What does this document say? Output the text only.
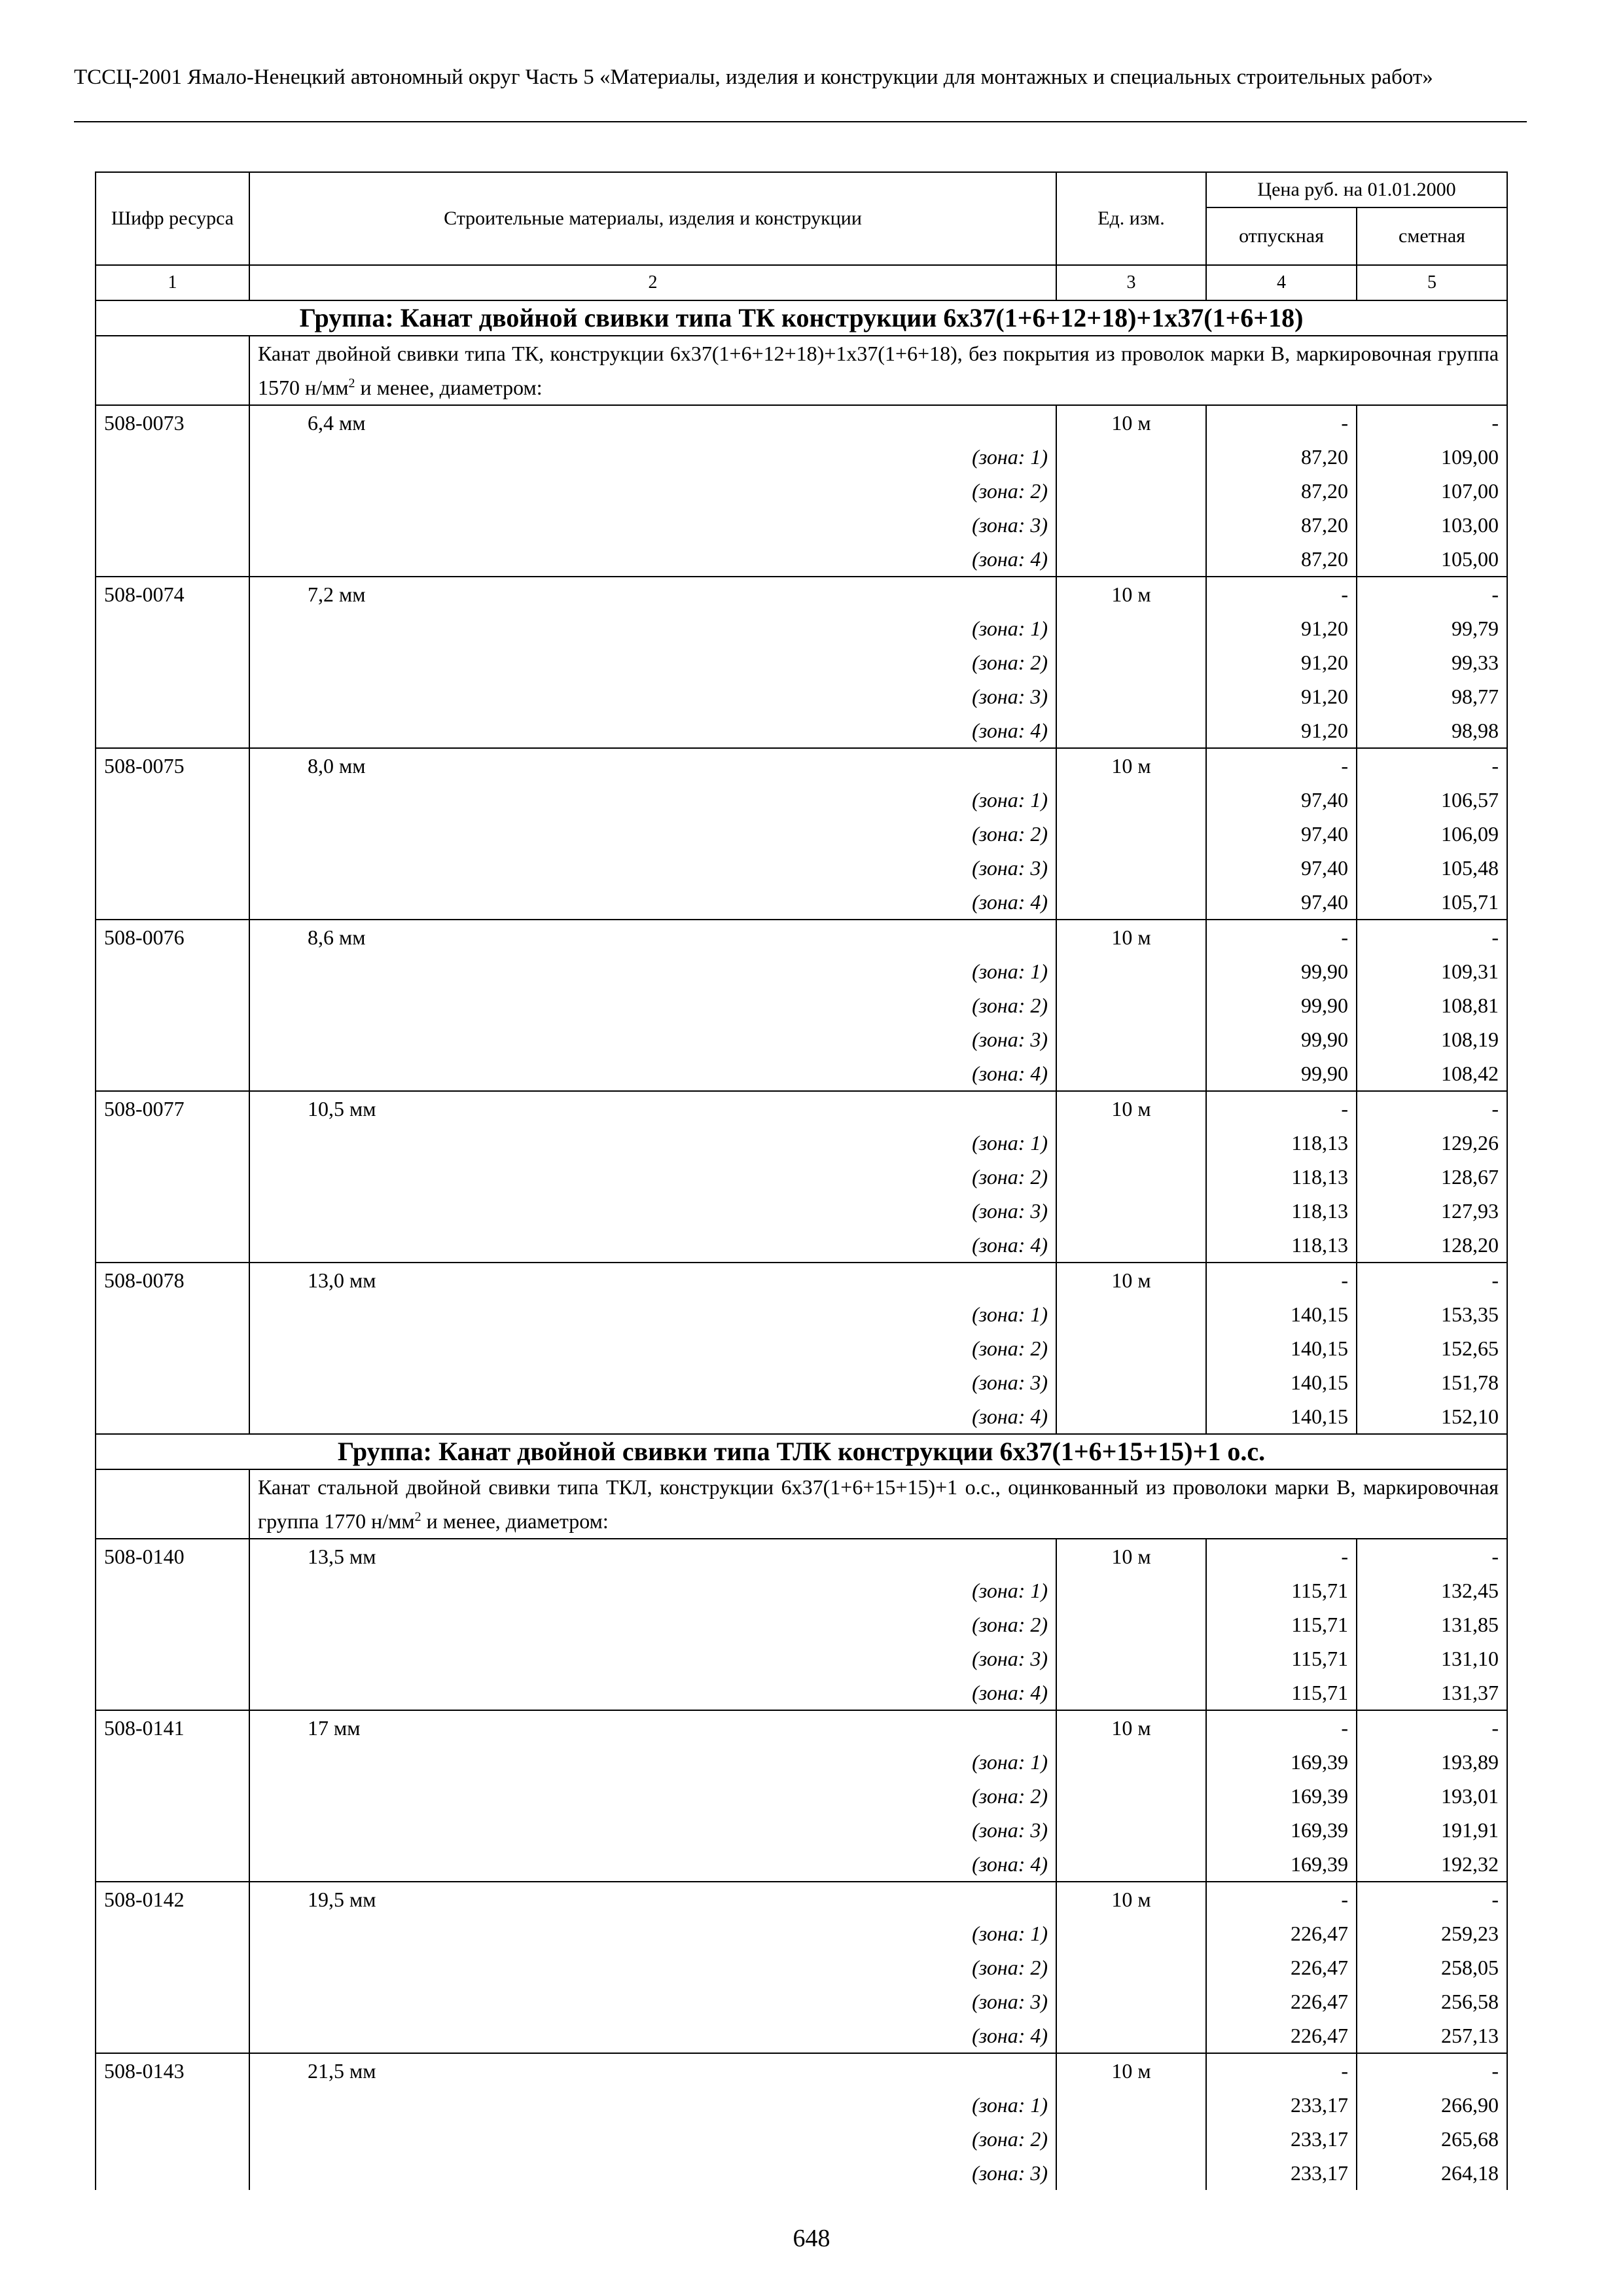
ТССЦ-2001 Ямало-Ненецкий автономный округ Часть 5 «Материалы, изделия и конструкции для монтажных и специальных строительных работ»
Шифр ресурса	Строительные материалы, изделия и конструкции	Ед. изм.	Цена руб. на 01.01.2000	
			отпускная	сметная
1	2	3	4	5
Группа: Канат двойной свивки типа ТК конструкции 6х37(1+6+12+18)+1х37(1+6+18)				

	Канат двойной свивки типа ТК, конструкции 6х37(1+6+12+18)+1х37(1+6+18), без покрытия из проволок марки В, маркировочная группа 1570 $н/мм^2$ и менее, диаметром:			

508-0073	6,4 мм	10 м	-	-
	(зона: 1)		87,20	109,00
	(зона: 2)		87,20	107,00
	(зона: 3)		87,20	103,00
	(зона: 4)		87,20	105,00
508-0074	7,2 мм	10 м	-	-
	(зона: 1)		91,20	99,79
	(зона: 2)		91,20	99,33
	(зона: 3)		91,20	98,77
	(зона: 4)		91,20	98,98
508-0075	8,0 мм	10 м	-	-
	(зона: 1)		97,40	106,57
	(зона: 2)		97,40	106,09
	(зона: 3)		97,40	105,48
	(зона: 4)		97,40	105,71
508-0076	8,6 мм	10 м	-	-
	(зона: 1)		99,90	109,31
	(зона: 2)		99,90	108,81
	(зона: 3)		99,90	108,19
	(зона: 4)		99,90	108,42
508-0077	10,5 мм	10 м	-	-
	(зона: 1)		118,13	129,26
	(зона: 2)		118,13	128,67
	(зона: 3)		118,13	127,93
	(зона: 4)		118,13	128,20
508-0078	13,0 мм	10 м	-	-
	(зона: 1)		140,15	153,35
	(зона: 2)		140,15	152,65
	(зона: 3)		140,15	151,78
	(зона: 4)		140,15	152,10
Группа: Канат двойной свивки типа ТЛК конструкции 6х37(1+6+15+15)+1 о.с.				

	Канат стальной двойной свивки типа ТКЛ, конструкции 6х37(1+6+15+15)+1 о.с., оцинкованный из проволоки марки В, маркировочная группа 1770 $н/мм^2$ и менее, диаметром:			

508-0140	13,5 мм	10 м	-	-
	(зона: 1)		115,71	132,45
	(зона: 2)		115,71	131,85
	(зона: 3)		115,71	131,10
	(зона: 4)		115,71	131,37
508-0141	17 мм	10 м	-	-
	(зона: 1)		169,39	193,89
	(зона: 2)		169,39	193,01
	(зона: 3)		169,39	191,91
	(зона: 4)		169,39	192,32
508-0142	19,5 мм	10 м	-	-
	(зона: 1)		226,47	259,23
	(зона: 2)		226,47	258,05
	(зона: 3)		226,47	256,58
	(зона: 4)		226,47	257,13
508-0143	21,5 мм	10 м	-	-
	(зона: 1)		233,17	266,90
	(зона: 2)		233,17	265,68
	(зона: 3)		233,17	264,18
648
